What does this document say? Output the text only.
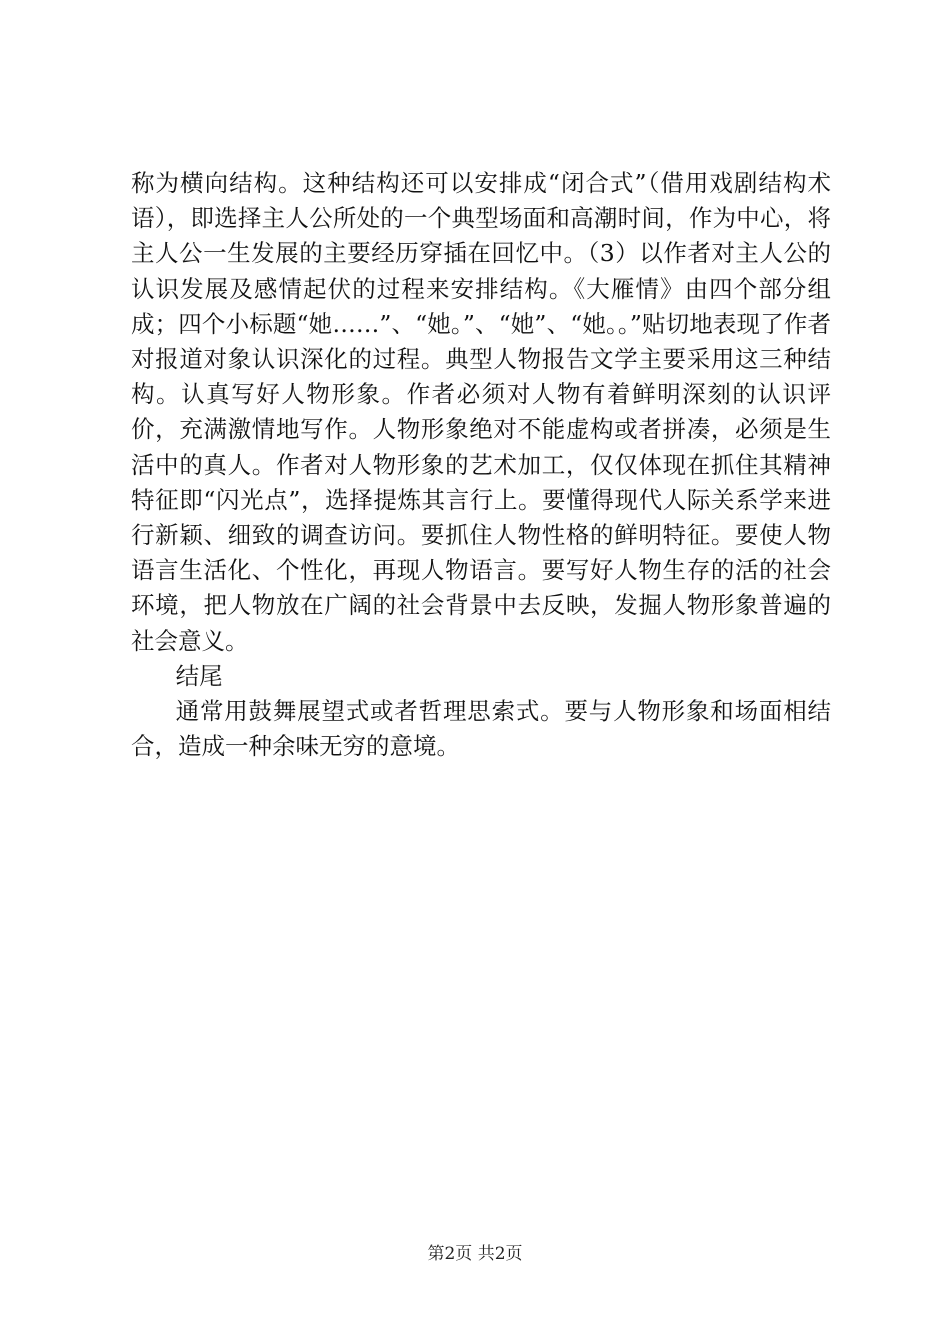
称为横向结构。这种结构还可以安排成“闭合式”（借用戏剧结构术语），即选择主人公所处的一个典型场面和高潮时间，作为中心，将主人公一生发展的主要经历穿插在回忆中。（3）以作者对主人公的认识发展及感情起伏的过程来安排结构。《大雁情》由四个部分组成；四个小标题“她……”、“她。”、“她”、“她。。”贴切地表现了作者对报道对象认识深化的过程。典型人物报告文学主要采用这三种结构。认真写好人物形象。作者必须对人物有着鲜明深刻的认识评价，充满激情地写作。人物形象绝对不能虚构或者拼凑，必须是生活中的真人。作者对人物形象的艺术加工，仅仅体现在抓住其精神特征即“闪光点”，选择提炼其言行上。要懂得现代人际关系学来进行新颖、细致的调查访问。要抓住人物性格的鲜明特征。要使人物语言生活化、个性化，再现人物语言。要写好人物生存的活的社会环境，把人物放在广阔的社会背景中去反映，发掘人物形象普遍的社会意义。

结尾

通常用鼓舞展望式或者哲理思索式。要与人物形象和场面相结合，造成一种余味无穷的意境。

第2页 共2页
